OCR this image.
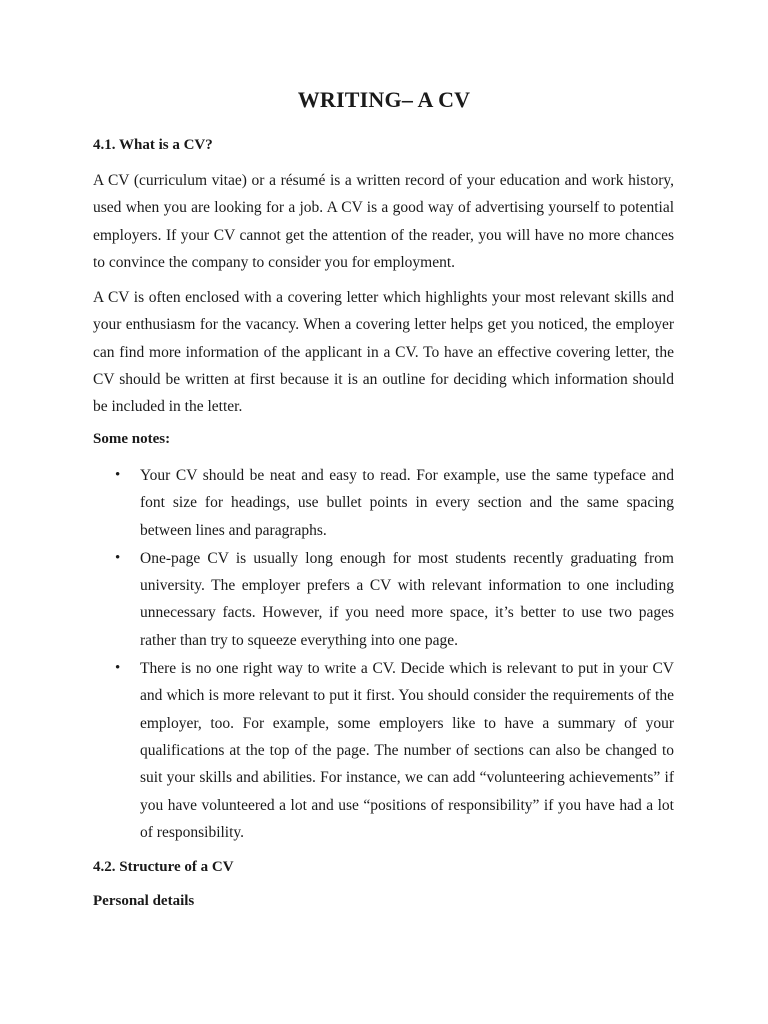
WRITING– A CV
4.1. What is a CV?

A CV (curriculum vitae) or a résumé is a written record of your education and work history, used when you are looking for a job. A CV is a good way of advertising yourself to potential employers. If your CV cannot get the attention of the reader, you will have no more chances to convince the company to consider you for employment.

A CV is often enclosed with a covering letter which highlights your most relevant skills and your enthusiasm for the vacancy. When a covering letter helps get you noticed, the employer can find more information of the applicant in a CV. To have an effective covering letter, the CV should be written at first because it is an outline for deciding which information should be included in the letter.

Some notes:
• Your CV should be neat and easy to read. For example, use the same typeface and font size for headings, use bullet points in every section and the same spacing between lines and paragraphs.
• One-page CV is usually long enough for most students recently graduating from university. The employer prefers a CV with relevant information to one including unnecessary facts. However, if you need more space, it’s better to use two pages rather than try to squeeze everything into one page.
• There is no one right way to write a CV. Decide which is relevant to put in your CV and which is more relevant to put it first. You should consider the requirements of the employer, too. For example, some employers like to have a summary of your qualifications at the top of the page. The number of sections can also be changed to suit your skills and abilities. For instance, we can add “volunteering achievements” if you have volunteered a lot and use “positions of responsibility” if you have had a lot of responsibility.
4.2. Structure of a CV
Personal details
